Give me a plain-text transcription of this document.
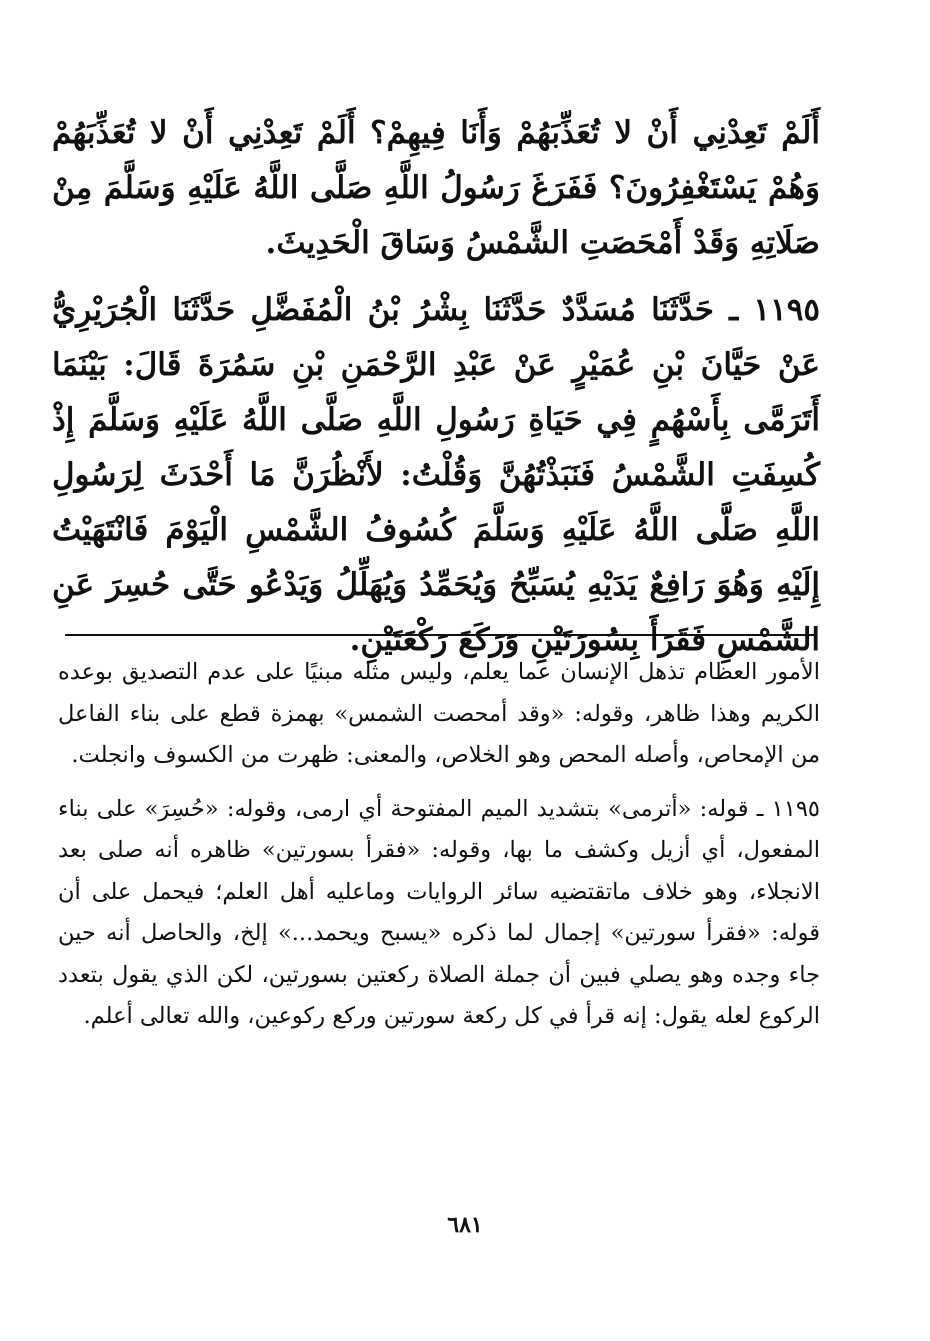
أَلَمْ تَعِدْنِي أَنْ لا تُعَذِّبَهُمْ وَأَنَا فِيهِمْ؟ أَلَمْ تَعِدْنِي أَنْ لا تُعَذِّبَهُمْ وَهُمْ يَسْتَغْفِرُونَ؟ فَفَرَغَ رَسُولُ اللَّهِ صَلَّى اللَّهُ عَلَيْهِ وَسَلَّمَ مِنْ صَلَاتِهِ وَقَدْ أَمْحَصَتِ الشَّمْسُ وَسَاقَ الْحَدِيثَ.

١١٩٥ ـ حَدَّثَنَا مُسَدَّدٌ حَدَّثَنَا بِشْرُ بْنُ الْمُفَضَّلِ حَدَّثَنَا الْجُرَيْرِيُّ عَنْ حَيَّانَ بْنِ عُمَيْرٍ عَنْ عَبْدِ الرَّحْمَنِ بْنِ سَمُرَةَ قَالَ: بَيْنَمَا أَتَرَمَّى بِأَسْهُمٍ فِي حَيَاةِ رَسُولِ اللَّهِ صَلَّى اللَّهُ عَلَيْهِ وَسَلَّمَ إِذْ كُسِفَتِ الشَّمْسُ فَنَبَذْتُهُنَّ وَقُلْتُ: لأَنْظُرَنَّ مَا أَحْدَثَ لِرَسُولِ اللَّهِ صَلَّى اللَّهُ عَلَيْهِ وَسَلَّمَ كُسُوفُ الشَّمْسِ الْيَوْمَ فَانْتَهَيْتُ إِلَيْهِ وَهُوَ رَافِعٌ يَدَيْهِ يُسَبِّحُ وَيُحَمِّدُ وَيُهَلِّلُ وَيَدْعُو حَتَّى حُسِرَ عَنِ الشَّمْسِ فَقَرَأَ بِسُورَتَيْنِ وَرَكَعَ رَكْعَتَيْنِ.

الأمور العظام تذهل الإنسان عما يعلم، وليس مثله مبنيًا على عدم التصديق بوعده الكريم وهذا ظاهر، وقوله: «وقد أمحصت الشمس» بهمزة قطع على بناء الفاعل من الإمحاص، وأصله المحص وهو الخلاص، والمعنى: ظهرت من الكسوف وانجلت.

١١٩٥ ـ قوله: «أترمى» بتشديد الميم المفتوحة أي ارمى، وقوله: «حُسِرَ» على بناء المفعول، أي أزيل وكشف ما بها، وقوله: «فقرأ بسورتين» ظاهره أنه صلى بعد الانجلاء، وهو خلاف ماتقتضيه سائر الروايات وماعليه أهل العلم؛ فيحمل على أن قوله: «فقرأ سورتين» إجمال لما ذكره «يسبح ويحمد...» إلخ، والحاصل أنه حين جاء وجده وهو يصلي فبين أن جملة الصلاة ركعتين بسورتين، لكن الذي يقول بتعدد الركوع لعله يقول: إنه قرأ في كل ركعة سورتين وركع ركوعين، والله تعالى أعلم.

٦٨١
